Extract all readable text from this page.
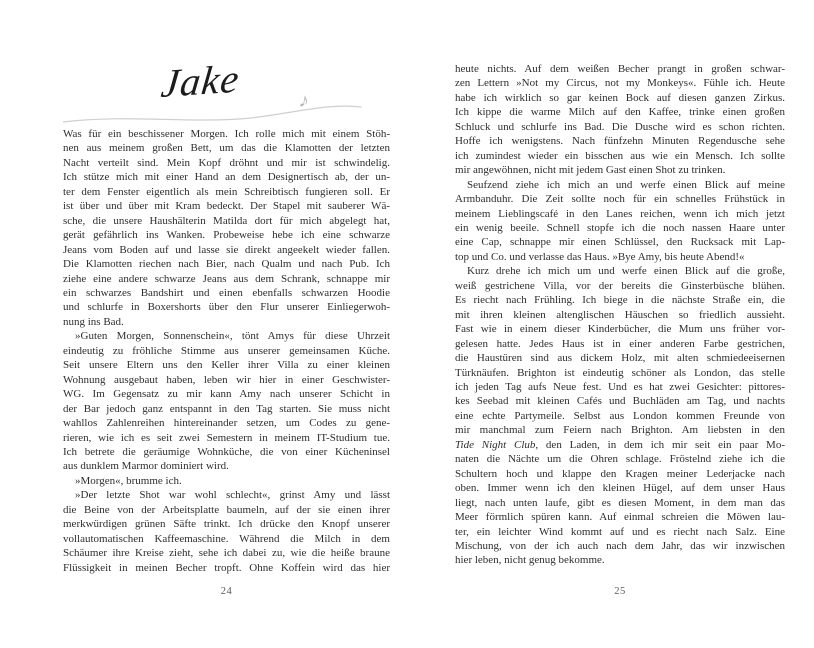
Jake	♪
Was für ein beschissener Morgen. Ich rolle mich mit einem Stöh-
nen aus meinem großen Bett, um das die Klamotten der letzten
Nacht verteilt sind. Mein Kopf dröhnt und mir ist schwindelig.
Ich stütze mich mit einer Hand an dem Designertisch ab, der un-
ter dem Fenster eigentlich als mein Schreibtisch fungieren soll. Er
ist über und über mit Kram bedeckt. Der Stapel mit sauberer Wä-
sche, die unsere Haushälterin Matilda dort für mich abgelegt hat,
gerät gefährlich ins Wanken. Probeweise hebe ich eine schwarze
Jeans vom Boden auf und lasse sie direkt angeekelt wieder fallen.
Die Klamotten riechen nach Bier, nach Qualm und nach Pub. Ich
ziehe eine andere schwarze Jeans aus dem Schrank, schnappe mir
ein schwarzes Bandshirt und einen ebenfalls schwarzen Hoodie
und schlurfe in Boxershorts über den Flur unserer Einliegerwoh-
nung ins Bad.
»Guten Morgen, Sonnenschein«, tönt Amys für diese Uhrzeit
eindeutig zu fröhliche Stimme aus unserer gemeinsamen Küche.
Seit unsere Eltern uns den Keller ihrer Villa zu einer kleinen
Wohnung ausgebaut haben, leben wir hier in einer Geschwister-
WG. Im Gegensatz zu mir kann Amy nach unserer Schicht in
der Bar jedoch ganz entspannt in den Tag starten. Sie muss nicht
wahllos Zahlenreihen hintereinander setzen, um Codes zu gene-
rieren, wie ich es seit zwei Semestern in meinem IT-Studium tue.
Ich betrete die geräumige Wohnküche, die von einer Kücheninsel
aus dunklem Marmor dominiert wird.
»Morgen«, brumme ich.
»Der letzte Shot war wohl schlecht«, grinst Amy und lässt
die Beine von der Arbeitsplatte baumeln, auf der sie einen ihrer
merkwürdigen grünen Säfte trinkt. Ich drücke den Knopf unserer
vollautomatischen Kaffeemaschine. Während die Milch in dem
Schäumer ihre Kreise zieht, sehe ich dabei zu, wie die heiße braune
Flüssigkeit in meinen Becher tropft. Ohne Koffein wird das hier
24
heute nichts. Auf dem weißen Becher prangt in großen schwar-
zen Lettern »Not my Circus, not my Monkeys«. Fühle ich. Heute
habe ich wirklich so gar keinen Bock auf diesen ganzen Zirkus.
Ich kippe die warme Milch auf den Kaffee, trinke einen großen
Schluck und schlurfe ins Bad. Die Dusche wird es schon richten.
Hoffe ich wenigstens. Nach fünfzehn Minuten Regendusche sehe
ich zumindest wieder ein bisschen aus wie ein Mensch. Ich sollte
mir angewöhnen, nicht mit jedem Gast einen Shot zu trinken.
Seufzend ziehe ich mich an und werfe einen Blick auf meine
Armbanduhr. Die Zeit sollte noch für ein schnelles Frühstück in
meinem Lieblingscafé in den Lanes reichen, wenn ich mich jetzt
ein wenig beeile. Schnell stopfe ich die noch nassen Haare unter
eine Cap, schnappe mir einen Schlüssel, den Rucksack mit Lap-
top und Co. und verlasse das Haus. »Bye Amy, bis heute Abend!«
Kurz drehe ich mich um und werfe einen Blick auf die große,
weiß gestrichene Villa, vor der bereits die Ginsterbüsche blühen.
Es riecht nach Frühling. Ich biege in die nächste Straße ein, die
mit ihren kleinen altenglischen Häuschen so friedlich aussieht.
Fast wie in einem dieser Kinderbücher, die Mum uns früher vor-
gelesen hatte. Jedes Haus ist in einer anderen Farbe gestrichen,
die Haustüren sind aus dickem Holz, mit alten schmiedeeisernen
Türknäufen. Brighton ist eindeutig schöner als London, das stelle
ich jeden Tag aufs Neue fest. Und es hat zwei Gesichter: pittores-
kes Seebad mit kleinen Cafés und Buchläden am Tag, und nachts
eine echte Partymeile. Selbst aus London kommen Freunde von
mir manchmal zum Feiern nach Brighton. Am liebsten in den
Tide Night Club, den Laden, in dem ich mir seit ein paar Mo-
naten die Nächte um die Ohren schlage. Fröstelnd ziehe ich die
Schultern hoch und klappe den Kragen meiner Lederjacke nach
oben. Immer wenn ich den kleinen Hügel, auf dem unser Haus
liegt, nach unten laufe, gibt es diesen Moment, in dem man das
Meer förmlich spüren kann. Auf einmal schreien die Möwen lau-
ter, ein leichter Wind kommt auf und es riecht nach Salz. Eine
Mischung, von der ich auch nach dem Jahr, das wir inzwischen
hier leben, nicht genug bekomme.
25
